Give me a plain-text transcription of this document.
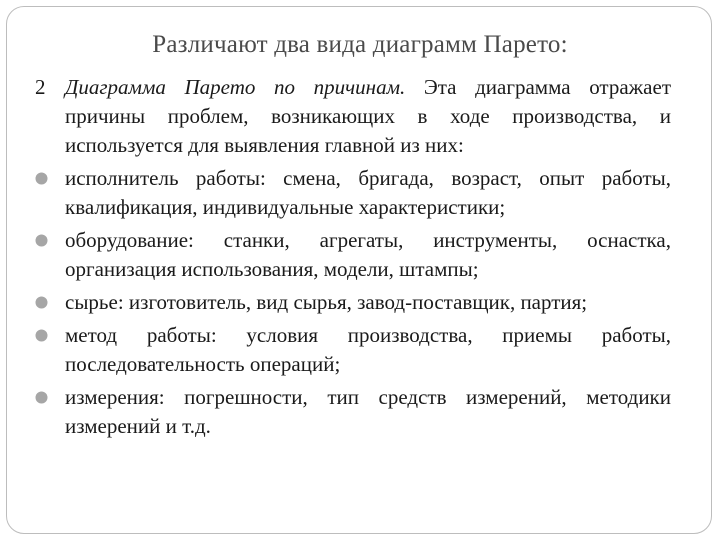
Различают два вида диаграмм Парето:
2 Диаграмма Парето по причинам. Эта диаграмма отражает причины проблем, возникающих в ходе производства, и используется для выявления главной из них:

исполнитель работы: смена, бригада, возраст, опыт работы, квалификация, индивидуальные характеристики;

оборудование: станки, агрегаты, инструменты, оснастка, организация использования, модели, штампы;

сырье: изготовитель, вид сырья, завод-поставщик, партия;

метод работы: условия производства, приемы работы, последовательность операций;

измерения: погрешности, тип средств измерений, методики измерений и т.д.
